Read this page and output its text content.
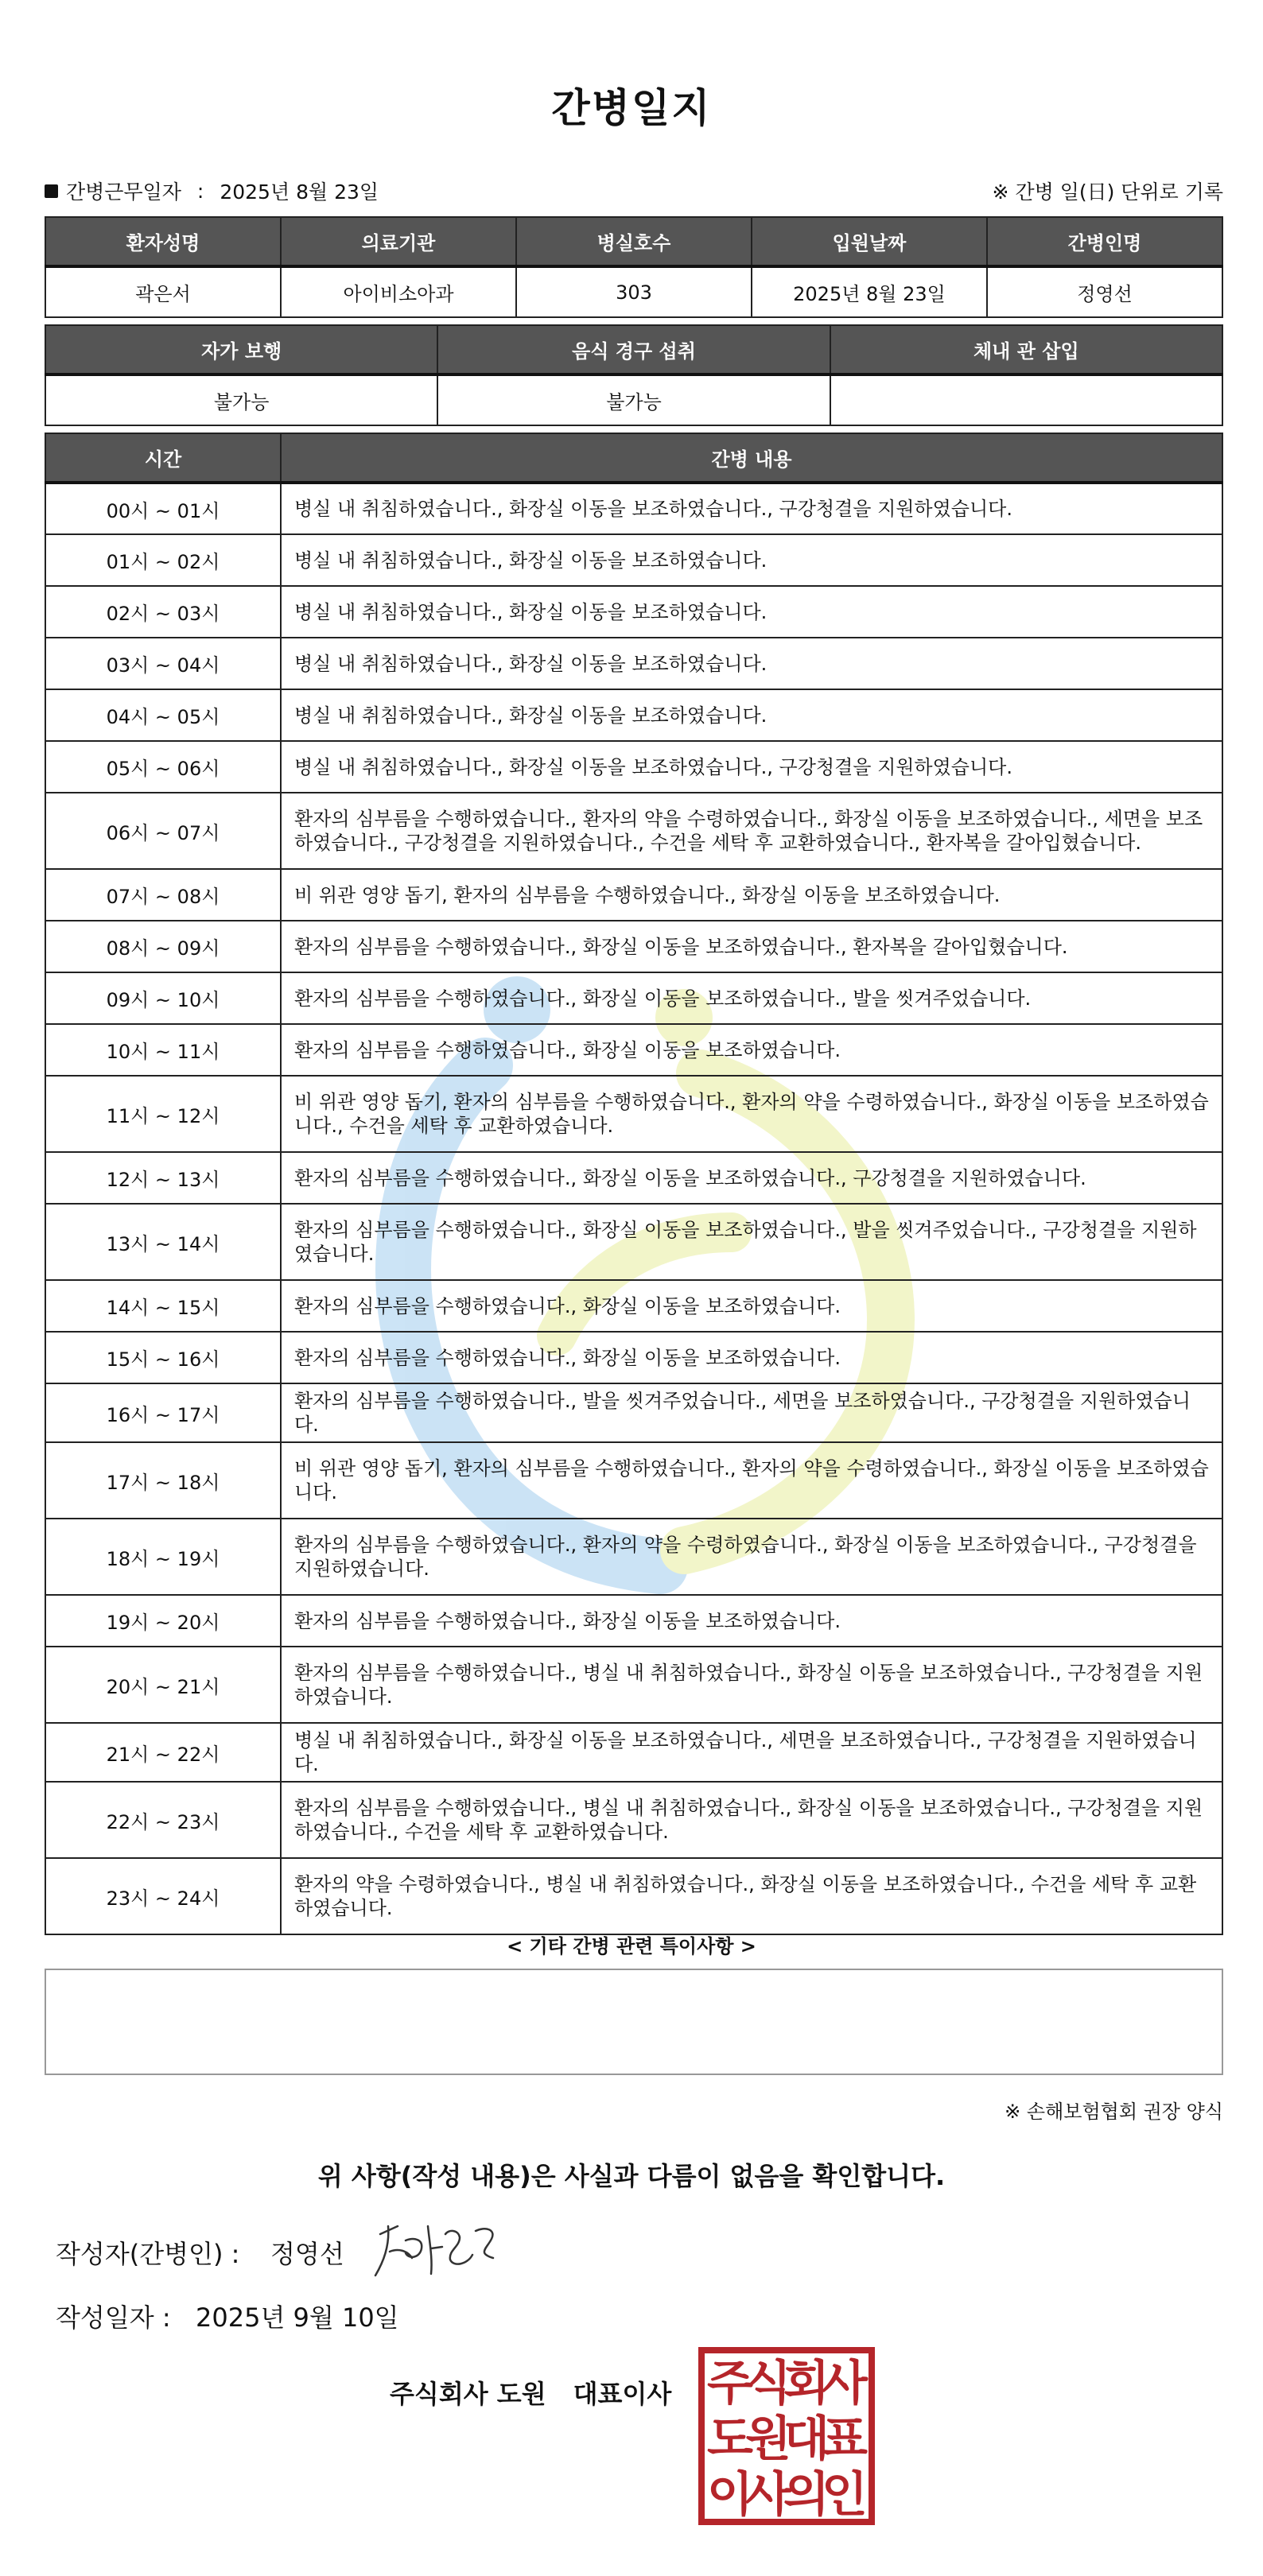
간병일지
간병근무일자 : 2025년 8월 23일	※ 간병 일(日) 단위로 기록
환자성명	의료기관	병실호수	입원날짜	간병인명
곽은서	아이비소아과	303	2025년 8월 23일	정영선
자가 보행	음식 경구 섭취	체내 관 삽입
불가능	불가능	
시간	간병 내용
00시 ~ 01시	병실 내 취침하였습니다., 화장실 이동을 보조하였습니다., 구강청결을 지원하였습니다.
01시 ~ 02시	병실 내 취침하였습니다., 화장실 이동을 보조하였습니다.
02시 ~ 03시	병실 내 취침하였습니다., 화장실 이동을 보조하였습니다.
03시 ~ 04시	병실 내 취침하였습니다., 화장실 이동을 보조하였습니다.
04시 ~ 05시	병실 내 취침하였습니다., 화장실 이동을 보조하였습니다.
05시 ~ 06시	병실 내 취침하였습니다., 화장실 이동을 보조하였습니다., 구강청결을 지원하였습니다.
06시 ~ 07시	환자의 심부름을 수행하였습니다., 환자의 약을 수령하였습니다., 화장실 이동을 보조하였습니다., 세면을 보조하였습니다., 구강청결을 지원하였습니다., 수건을 세탁 후 교환하였습니다., 환자복을 갈아입혔습니다.
07시 ~ 08시	비 위관 영양 돕기, 환자의 심부름을 수행하였습니다., 화장실 이동을 보조하였습니다.
08시 ~ 09시	환자의 심부름을 수행하였습니다., 화장실 이동을 보조하였습니다., 환자복을 갈아입혔습니다.
09시 ~ 10시	환자의 심부름을 수행하였습니다., 화장실 이동을 보조하였습니다., 발을 씻겨주었습니다.
10시 ~ 11시	환자의 심부름을 수행하였습니다., 화장실 이동을 보조하였습니다.
11시 ~ 12시	비 위관 영양 돕기, 환자의 심부름을 수행하였습니다., 환자의 약을 수령하였습니다., 화장실 이동을 보조하였습니다., 수건을 세탁 후 교환하였습니다.
12시 ~ 13시	환자의 심부름을 수행하였습니다., 화장실 이동을 보조하였습니다., 구강청결을 지원하였습니다.
13시 ~ 14시	환자의 심부름을 수행하였습니다., 화장실 이동을 보조하였습니다., 발을 씻겨주었습니다., 구강청결을 지원하였습니다.
14시 ~ 15시	환자의 심부름을 수행하였습니다., 화장실 이동을 보조하였습니다.
15시 ~ 16시	환자의 심부름을 수행하였습니다., 화장실 이동을 보조하였습니다.
16시 ~ 17시	환자의 심부름을 수행하였습니다., 발을 씻겨주었습니다., 세면을 보조하였습니다., 구강청결을 지원하였습니다.
17시 ~ 18시	비 위관 영양 돕기, 환자의 심부름을 수행하였습니다., 환자의 약을 수령하였습니다., 화장실 이동을 보조하였습니다.
18시 ~ 19시	환자의 심부름을 수행하였습니다., 환자의 약을 수령하였습니다., 화장실 이동을 보조하였습니다., 구강청결을 지원하였습니다.
19시 ~ 20시	환자의 심부름을 수행하였습니다., 화장실 이동을 보조하였습니다.
20시 ~ 21시	환자의 심부름을 수행하였습니다., 병실 내 취침하였습니다., 화장실 이동을 보조하였습니다., 구강청결을 지원하였습니다.
21시 ~ 22시	병실 내 취침하였습니다., 화장실 이동을 보조하였습니다., 세면을 보조하였습니다., 구강청결을 지원하였습니다.
22시 ~ 23시	환자의 심부름을 수행하였습니다., 병실 내 취침하였습니다., 화장실 이동을 보조하였습니다., 구강청결을 지원하였습니다., 수건을 세탁 후 교환하였습니다.
23시 ~ 24시	환자의 약을 수령하였습니다., 병실 내 취침하였습니다., 화장실 이동을 보조하였습니다., 수건을 세탁 후 교환하였습니다.
< 기타 간병 관련 특이사항 >
※ 손해보험협회 권장 양식
위 사항(작성 내용)은 사실과 다름이 없음을 확인합니다.
작성자(간병인) :	정영선
작성일자 : 2025년 9월 10일
주식회사 도원 대표이사 주
식
회
사
도
원
대
표
이
사
의
인
